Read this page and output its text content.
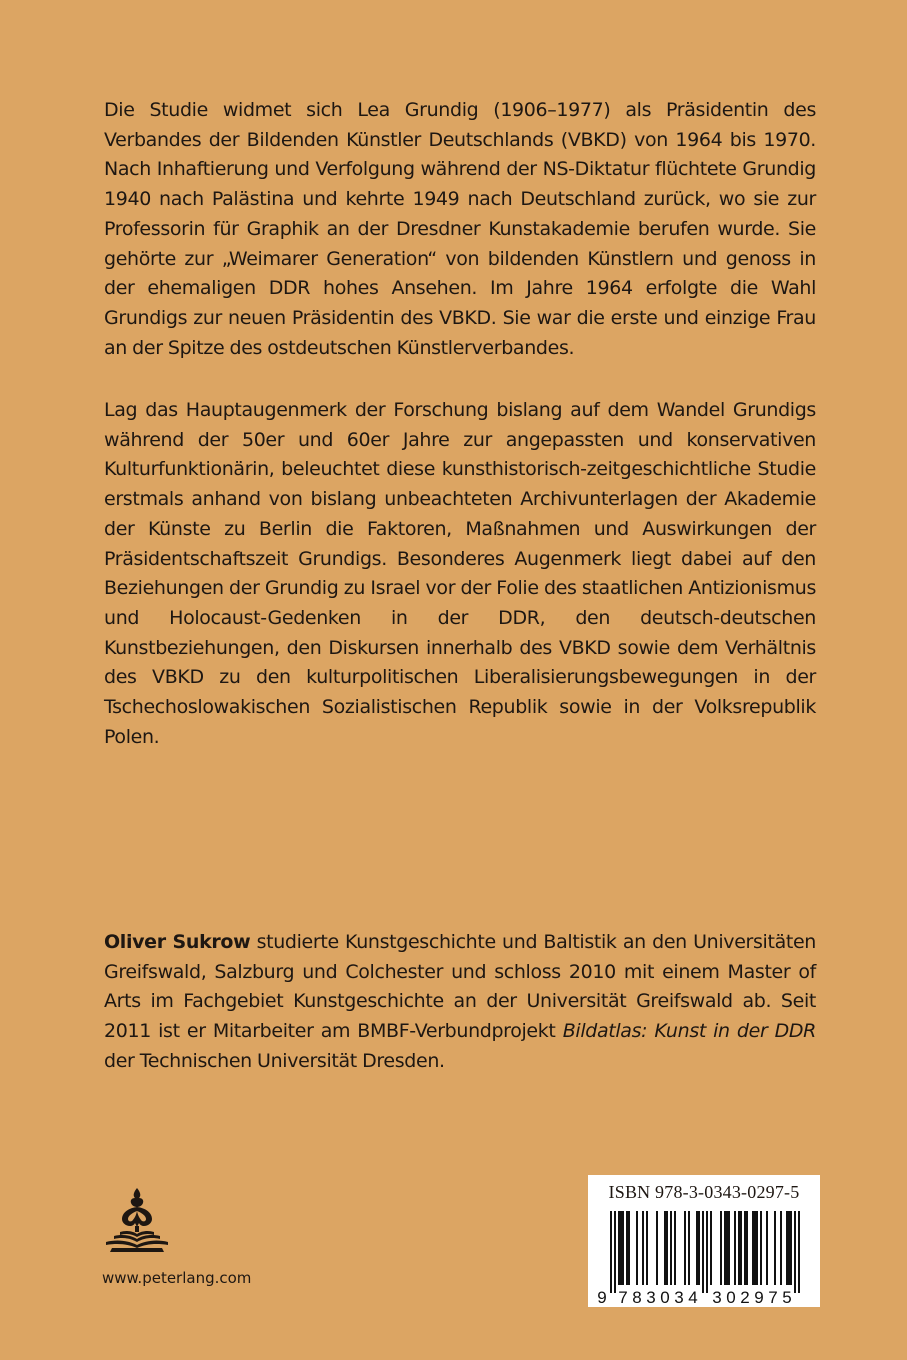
Die Studie widmet sich Lea Grundig (1906–1977) als Präsidentin des Verbandes der Bildenden Künstler Deutschlands (VBKD) von 1964 bis 1970. Nach Inhaftierung und Verfolgung während der NS-Diktatur flüchtete Grundig 1940 nach Palästina und kehrte 1949 nach Deutschland zurück, wo sie zur Professorin für Graphik an der Dresdner Kunstakademie berufen wurde. Sie gehörte zur „Weimarer Generation“ von bildenden Künstlern und genoss in der ehemaligen DDR hohes Ansehen. Im Jahre 1964 erfolgte die Wahl Grundigs zur neuen Präsidentin des VBKD. Sie war die erste und einzige Frau an der Spitze des ostdeutschen Künstlerverbandes.

Lag das Hauptaugenmerk der Forschung bislang auf dem Wandel Grundigs während der 50er und 60er Jahre zur angepassten und konservativen Kulturfunktionärin, beleuchtet diese kunsthistorisch-zeitgeschichtliche Studie erstmals anhand von bislang unbeachteten Archivunterlagen der Akademie der Künste zu Berlin die Faktoren, Maßnahmen und Auswirkungen der Präsidentschaftszeit Grundigs. Besonderes Augenmerk liegt dabei auf den Beziehungen der Grundig zu Israel vor der Folie des staatlichen Antizionismus und Holocaust-Gedenken in der DDR, den deutsch-deutschen Kunstbeziehungen, den Diskursen innerhalb des VBKD sowie dem Verhältnis des VBKD zu den kulturpolitischen Liberalisierungsbewegungen in der Tschechoslowakischen Sozialistischen Republik sowie in der Volksrepublik Polen.

Oliver Sukrow studierte Kunstgeschichte und Baltistik an den Universitäten Greifswald, Salzburg und Colchester und schloss 2010 mit einem Master of Arts im Fachgebiet Kunstgeschichte an der Universität Greifswald ab. Seit 2011 ist er Mitarbeiter am BMBF-Verbundprojekt Bildatlas: Kunst in der DDR der Technischen Universität Dresden.

www.peterlang.com
9 7 8 3 0 3 4 3 0 2 9 7 5
ISBN 978-3-0343-0297-5
